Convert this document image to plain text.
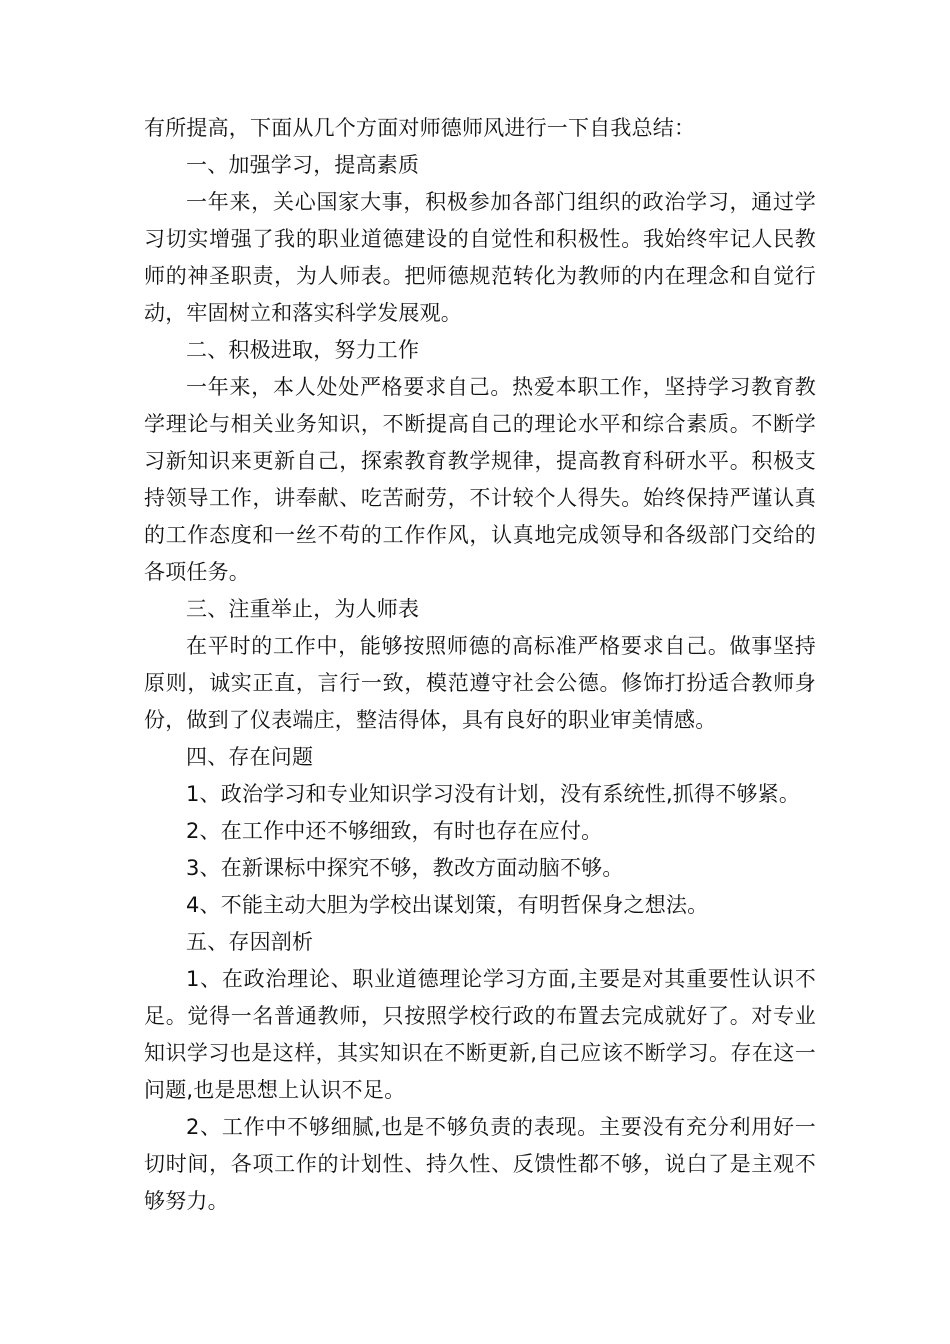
有所提高，下面从几个方面对师德师风进行一下自我总结：

一、加强学习，提高素质

一年来，关心国家大事，积极参加各部门组织的政治学习，通过学习切实增强了我的职业道德建设的自觉性和积极性。我始终牢记人民教师的神圣职责，为人师表。把师德规范转化为教师的内在理念和自觉行动，牢固树立和落实科学发展观。

二、积极进取，努力工作

一年来，本人处处严格要求自己。热爱本职工作，坚持学习教育教学理论与相关业务知识，不断提高自己的理论水平和综合素质。不断学习新知识来更新自己，探索教育教学规律，提高教育科研水平。积极支持领导工作，讲奉献、吃苦耐劳，不计较个人得失。始终保持严谨认真的工作态度和一丝不苟的工作作风，认真地完成领导和各级部门交给的各项任务。

三、注重举止，为人师表

在平时的工作中，能够按照师德的高标准严格要求自己。做事坚持原则，诚实正直，言行一致，模范遵守社会公德。修饰打扮适合教师身份，做到了仪表端庄，整洁得体，具有良好的职业审美情感。

四、存在问题

1、政治学习和专业知识学习没有计划，没有系统性,抓得不够紧。

2、在工作中还不够细致，有时也存在应付。

3、在新课标中探究不够，教改方面动脑不够。

4、不能主动大胆为学校出谋划策，有明哲保身之想法。

五、存因剖析

1、在政治理论、职业道德理论学习方面,主要是对其重要性认识不足。觉得一名普通教师，只按照学校行政的布置去完成就好了。对专业知识学习也是这样，其实知识在不断更新,自己应该不断学习。存在这一问题,也是思想上认识不足。

2、工作中不够细腻,也是不够负责的表现。主要没有充分利用好一切时间，各项工作的计划性、持久性、反馈性都不够，说白了是主观不够努力。
